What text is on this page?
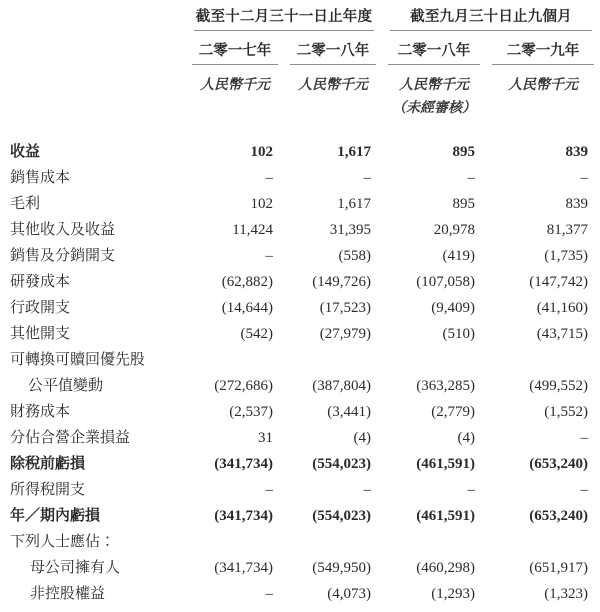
	截至十二月三十一日止年度		截至九月三十日止九個月	

	二零一七年	二零一八年	二零一八年	二零一九年

	人民幣千元	人民幣千元	人民幣千元	人民幣千元
			（未經審核）	

收益	102	1,617	895	839
銷售成本	–	–	–	–
毛利	102	1,617	895	839
其他收入及收益	11,424	31,395	20,978	81,377
銷售及分銷開支	–	(558)	(419)	(1,735)
研發成本	(62,882)	(149,726)	(107,058)	(147,742)
行政開支	(14,644)	(17,523)	(9,409)	(41,160)
其他開支	(542)	(27,979)	(510)	(43,715)
可轉換可贖回優先股				
公平值變動	(272,686)	(387,804)	(363,285)	(499,552)
財務成本	(2,537)	(3,441)	(2,779)	(1,552)
分佔合營企業損益	31	(4)	(4)	–
除稅前虧損	(341,734)	(554,023)	(461,591)	(653,240)
所得稅開支	–	–	–	–
年／期內虧損	(341,734)	(554,023)	(461,591)	(653,240)
下列人士應佔：				
母公司擁有人	(341,734)	(549,950)	(460,298)	(651,917)
非控股權益	–	(4,073)	(1,293)	(1,323)
